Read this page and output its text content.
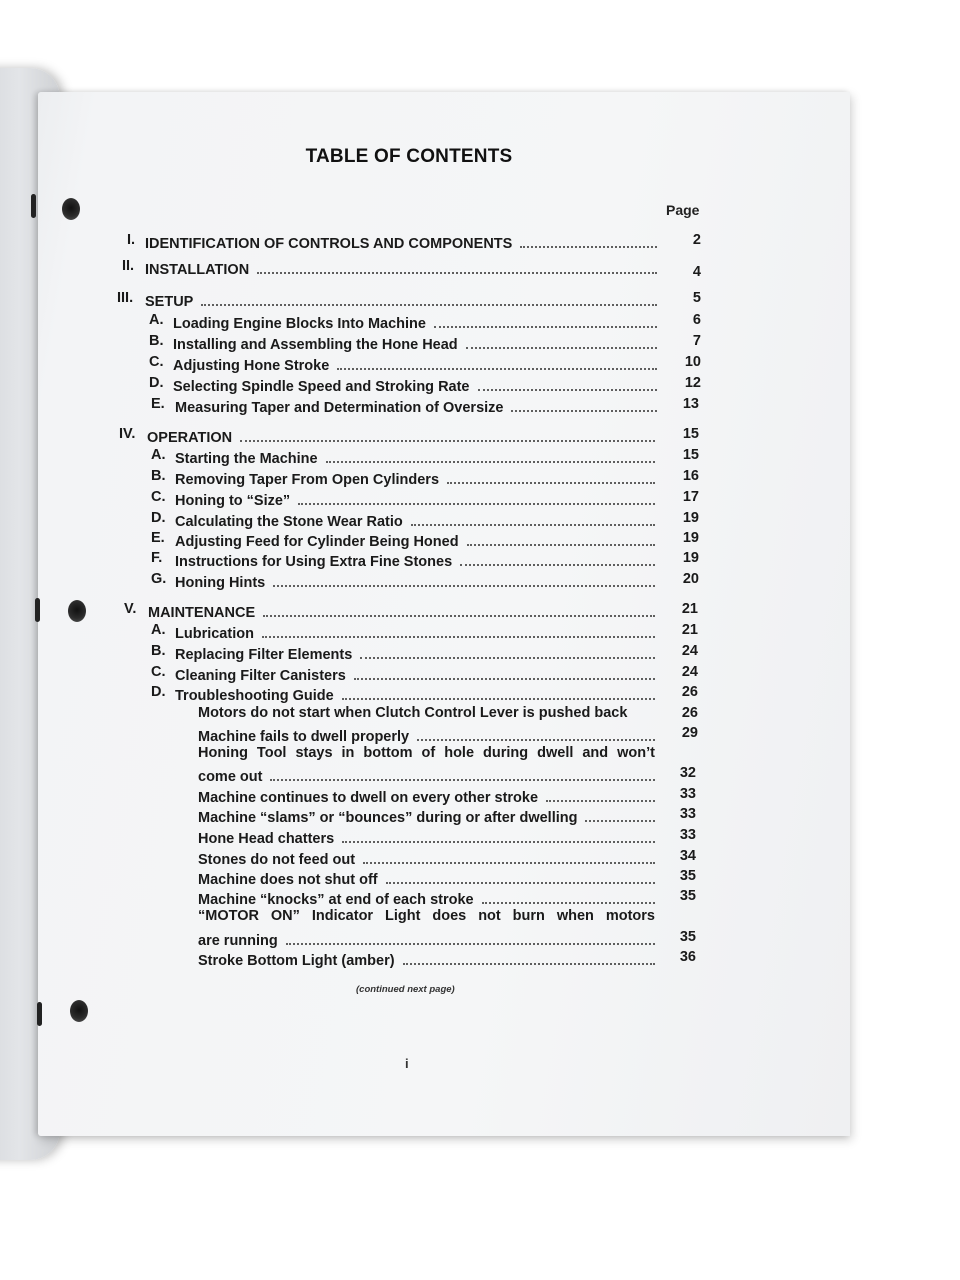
TABLE OF CONTENTS
Page
I. IDENTIFICATION OF CONTROLS AND COMPONENTS	2
II. INSTALLATION	4
III. SETUP	5
A. Loading Engine Blocks Into Machine	6
B. Installing and Assembling the Hone Head	7
C. Adjusting Hone Stroke	10
D. Selecting Spindle Speed and Stroking Rate	12
E. Measuring Taper and Determination of Oversize	13
IV. OPERATION	15
A. Starting the Machine	15
B. Removing Taper From Open Cylinders	16
C. Honing to “Size”	17
D. Calculating the Stone Wear Ratio	19
E. Adjusting Feed for Cylinder Being Honed	19
F. Instructions for Using Extra Fine Stones	19
G. Honing Hints	20
V. MAINTENANCE	21
A. Lubrication	21
B. Replacing Filter Elements	24
C. Cleaning Filter Canisters	24
D. Troubleshooting Guide	26
Motors do not start when Clutch Control Lever is pushed back	26
Machine fails to dwell properly	29
Honing Tool stays in bottom of hole during dwell and won’t
come out	32
Machine continues to dwell on every other stroke	33
Machine “slams” or “bounces” during or after dwelling	33
Hone Head chatters	33
Stones do not feed out	34
Machine does not shut off	35
Machine “knocks” at end of each stroke	35
“MOTOR ON” Indicator Light does not burn when motors
are running	35
Stroke Bottom Light (amber)	36
(continued next page)
i
